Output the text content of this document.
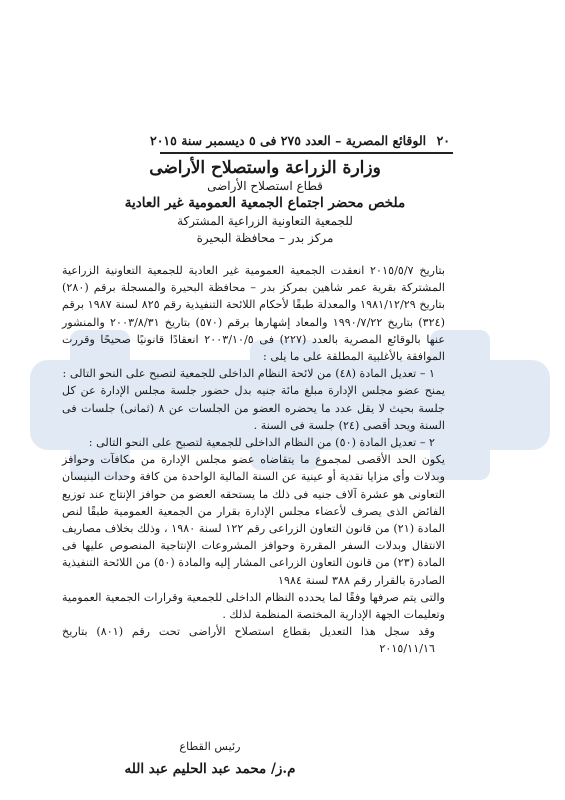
٢٠
الوقائع المصرية – العدد ٢٧٥ فى ٥ ديسمبر سنة ٢٠١٥
وزارة الزراعة واستصلاح الأراضى
قطاع استصلاح الأراضى
ملخص محضر اجتماع الجمعية العمومية غير العادية
للجمعية التعاونية الزراعية المشتركة
مركز بدر – محافظة البحيرة

بتاريخ ٢٠١٥/٥/٧ انعقدت الجمعية العمومية غير العادية للجمعية التعاونية الزراعية المشتركة بقرية عمر شاهين بمركز بدر – محافظة البحيرة والمسجلة برقم (٢٨٠) بتاريخ ١٩٨١/١٢/٢٩ والمعدلة طبقًا لأحكام اللائحة التنفيذية رقم ٨٢٥ لسنة ١٩٨٧ برقم (٣٢٤) بتاريخ ١٩٩٠/٧/٢٢ والمعاد إشهارها برقم (٥٧٠) بتاريخ ٢٠٠٣/٨/٣١ والمنشور عنها بالوقائع المصرية بالعدد (٢٢٧) فى ٢٠٠٣/١٠/٥ انعقادًا قانونيًا صحيحًا وقررت الموافقة بالأغلبية المطلقة على ما يلى :

١ – تعديل المادة (٤٨) من لائحة النظام الداخلى للجمعية لتصبح على النحو التالى :

يمنح عضو مجلس الإدارة مبلغ مائة جنيه بدل حضور جلسة مجلس الإدارة عن كل جلسة بحيث لا يقل عدد ما يحضره العضو من الجلسات عن ٨ (ثمانى) جلسات فى السنة ويحد أقصى (٢٤) جلسة فى السنة .

٢ – تعديل المادة (٥٠) من النظام الداخلى للجمعية لتصبح على النحو التالى :

يكون الحد الأقصى لمجموع ما يتقاضاه عضو مجلس الإدارة من مكافآت وحوافز وبدلات وأى مزايا نقدية أو عينية عن السنة المالية الواحدة من كافة وحدات البنيسان التعاونى هو عشرة آلاف جنيه فى ذلك ما يستحقه العضو من حوافز الإنتاج عند توزيع الفائض الذى يصرف لأعضاء مجلس الإدارة بقرار من الجمعية العمومية طبقًا لنص المادة (٢١) من قانون التعاون الزراعى رقم ١٢٢ لسنة ١٩٨٠ ، وذلك بخلاف مصاريف الانتقال وبدلات السفر المقررة وحوافز المشروعات الإنتاجية المنصوص عليها فى المادة (٢٣) من قانون التعاون الزراعى المشار إليه والمادة (٥٠) من اللائحة التنفيذية الصادرة بالقرار رقم ٣٨٨ لسنة ١٩٨٤

والتى يتم صرفها وفقًا لما يحدده النظام الداخلى للجمعية وقرارات الجمعية العمومية وتعليمات الجهة الإدارية المختصة المنظمة لذلك .

وقد سجل هذا التعديل بقطاع استصلاح الأراضى تحت رقم (٨٠١) بتاريخ ٢٠١٥/١١/١٦

رئيس القطاع
م.ز/ محمد عبد الحليم عبد الله
